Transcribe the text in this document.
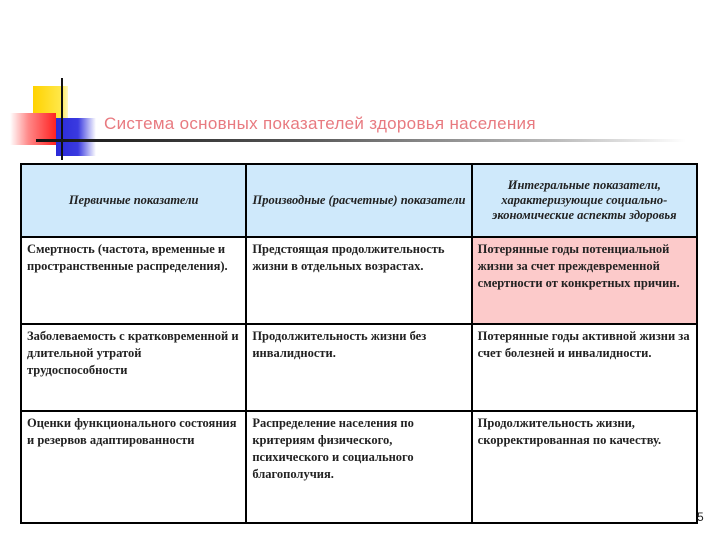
Система основных показателей здоровья населения
Первичные показатели	Производные (расчетные) показатели	Интегральные показатели, характеризующие социально-экономические аспекты здоровья
Смертность (частота, временные и пространственные распределения).	Предстоящая продолжительность жизни в отдельных возрастах.	Потерянные годы потенциальной жизни за счет преждевременной смертности от конкретных причин.
Заболеваемость с кратковременной и длительной утратой трудоспособности	Продолжительность жизни без инвалидности.	Потерянные годы активной жизни за счет болезней и инвалидности.
Оценки функционального состояния и резервов адаптированности	Распределение населения по критериям физического, психического и социального благополучия.	Продолжительность жизни, скорректированная по качеству.
5
